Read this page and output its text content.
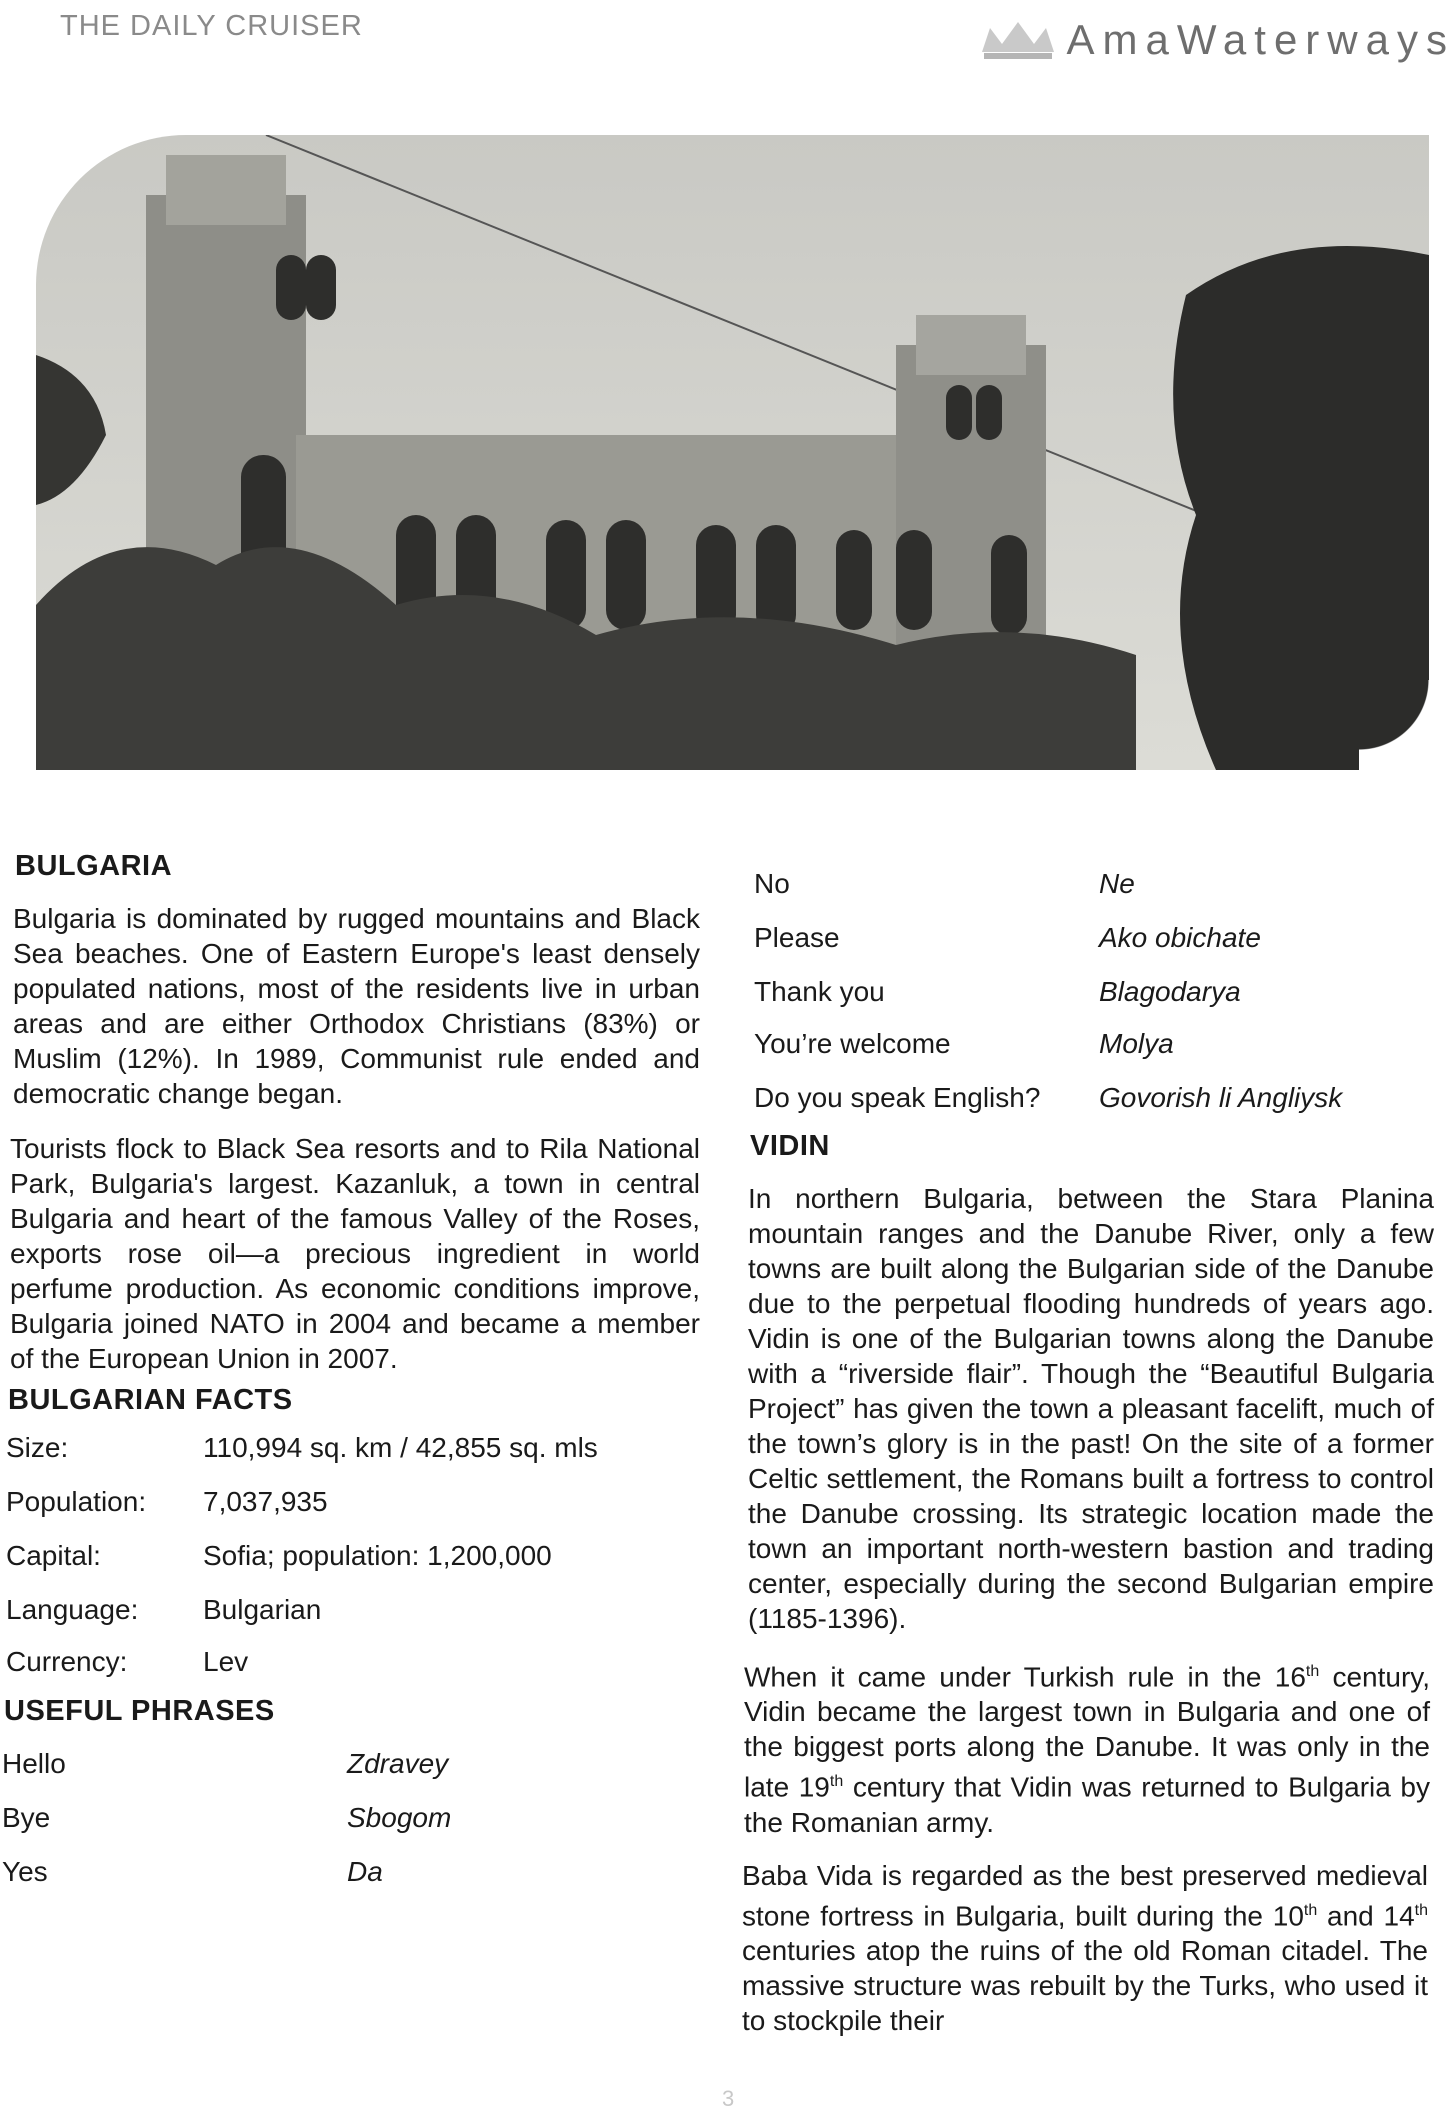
THE DAILY CRUISER	AmaWaterways
BULGARIA

Bulgaria is dominated by rugged mountains and Black Sea beaches. One of Eastern Europe's least densely populated nations, most of the residents live in urban areas and are either Orthodox Christians (83%) or Muslim (12%). In 1989, Communist rule ended and democratic change began.

Tourists flock to Black Sea resorts and to Rila National Park, Bulgaria's largest. Kazanluk, a town in central Bulgaria and heart of the famous Valley of the Roses, exports rose oil—a precious ingredient in world perfume production. As economic conditions improve, Bulgaria joined NATO in 2004 and became a member of the European Union in 2007.

BULGARIAN FACTS
Size:	110,994 sq. km / 42,855 sq. mls
Population:	7,037,935
Capital:	Sofia; population: 1,200,000
Language:	Bulgarian
Currency:	Lev
USEFUL PHRASES
Hello	Zdravey
Bye	Sbogom
Yes	Da
No	Ne
Please	Ako obichate
Thank you	Blagodarya
You’re welcome	Molya
Do you speak English?	Govorish li Angliysk
VIDIN

In northern Bulgaria, between the Stara Planina mountain ranges and the Danube River, only a few towns are built along the Bulgarian side of the Danube due to the perpetual flooding hundreds of years ago. Vidin is one of the Bulgarian towns along the Danube with a “riverside flair”. Though the “Beautiful Bulgaria Project” has given the town a pleasant facelift, much of the town’s glory is in the past! On the site of a former Celtic settlement, the Romans built a fortress to control the Danube crossing. Its strategic location made the town an important north-western bastion and trading center, especially during the second Bulgarian empire (1185-1396).

When it came under Turkish rule in the 16th century, Vidin became the largest town in Bulgaria and one of the biggest ports along the Danube. It was only in the late 19th century that Vidin was returned to Bulgaria by the Romanian army.

Baba Vida is regarded as the best preserved medieval stone fortress in Bulgaria, built during the 10th and 14th centuries atop the ruins of the old Roman citadel. The massive structure was rebuilt by the Turks, who used it to stockpile their

3
